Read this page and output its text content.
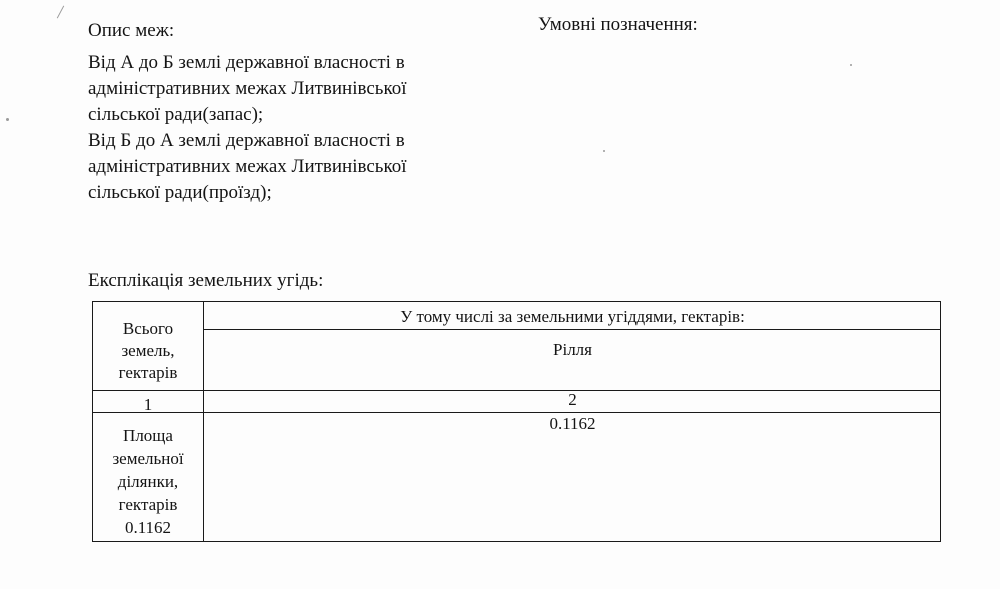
Опис меж:
Від А до Б землі державної власності в
адміністративних межах Литвинівської
сільської ради(запас);
Від Б до А землі державної власності в
адміністративних межах Литвинівської
сільської ради(проїзд);
Умовні позначення:
Експлікація земельних угідь:
Всього
земель,
гектарів
У тому числі за земельними угіддями, гектарів:
Рілля
1	2
Площа
земельної
ділянки,
гектарів
0.1162
0.1162
